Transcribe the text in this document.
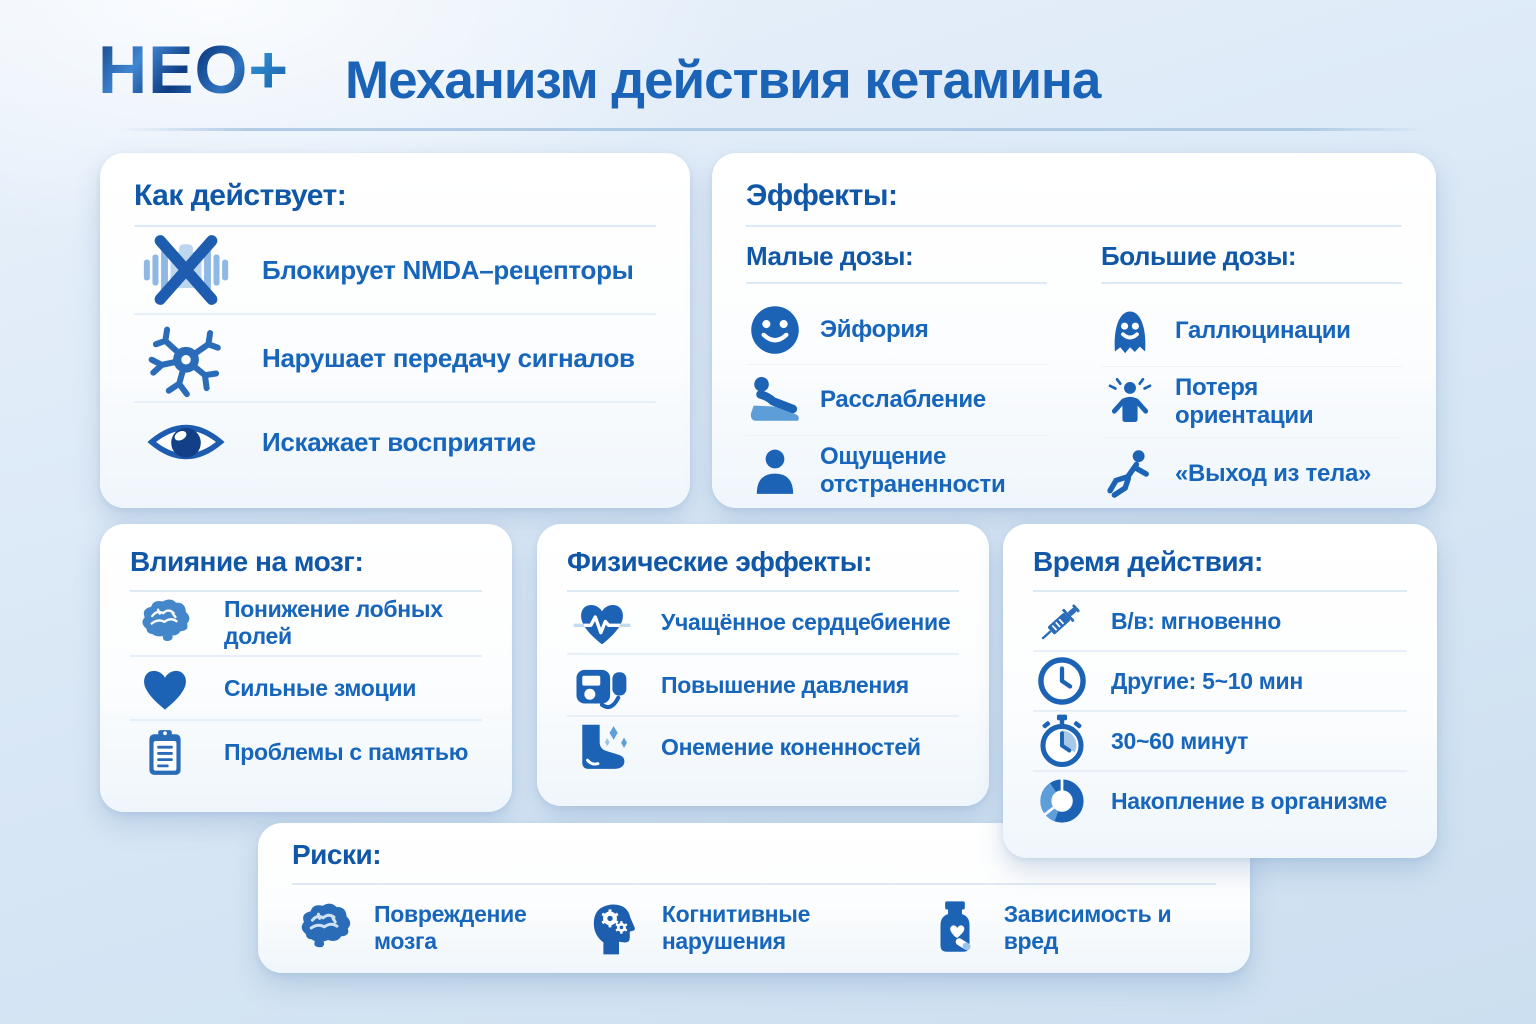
НЕО+ Механизм действия кетамина
Как действует:
Блокирует NMDA–рецепторы
Нарушает передачу сигналов
Искажает восприятие
Эффекты:
Малые дозы:
Эйфория
Расслабление
Ощущение отстраненности
Большие дозы:
Галлюцинации
Потеря ориентации
«Выход из тела»
Влияние на мозг:
Понижение лобных долей
Сильные змоции
Проблемы с памятью
Физические эффекты:
Учащённое сердцебиение
Повышение давления
Онемение коненностей
Время действия:
В/в: мгновенно
Другие: 5~10 мин
30~60 минут
Накопление в организме
Риски:
Повреждение мозга
Когнитивные нарушения
Зависимость и вред
